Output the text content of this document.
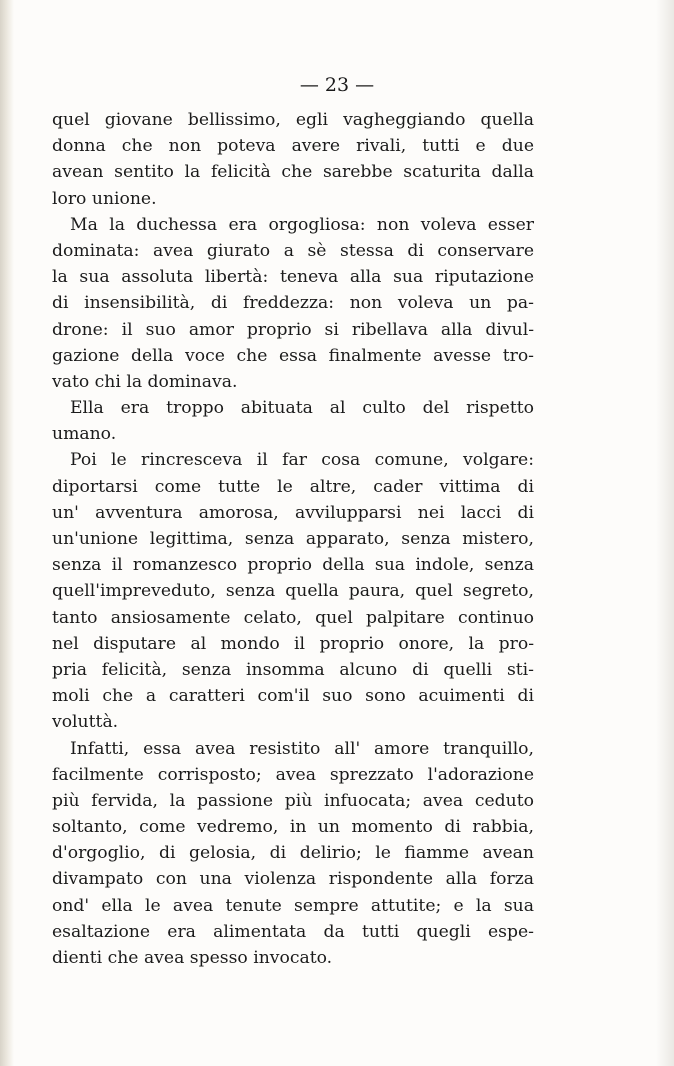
— 23 —

quel giovane bellissimo, egli vagheggiando quella
donna che non poteva avere rivali, tutti e due
avean sentito la felicità che sarebbe scaturita dalla
loro unione.

Ma la duchessa era orgogliosa: non voleva esser
dominata: avea giurato a sè stessa di conservare
la sua assoluta libertà: teneva alla sua riputazione
di insensibilità, di freddezza: non voleva un pa-
drone: il suo amor proprio si ribellava alla divul-
gazione della voce che essa finalmente avesse tro-
vato chi la dominava.

Ella era troppo abituata al culto del rispetto
umano.

Poi le rincresceva il far cosa comune, volgare:
diportarsi come tutte le altre, cader vittima di
un' avventura amorosa, avvilupparsi nei lacci di
un'unione legittima, senza apparato, senza mistero,
senza il romanzesco proprio della sua indole, senza
quell'impreveduto, senza quella paura, quel segreto,
tanto ansiosamente celato, quel palpitare continuo
nel disputare al mondo il proprio onore, la pro-
pria felicità, senza insomma alcuno di quelli sti-
moli che a caratteri com'il suo sono acuimenti di
voluttà.

Infatti, essa avea resistito all' amore tranquillo,
facilmente corrisposto; avea sprezzato l'adorazione
più fervida, la passione più infuocata; avea ceduto
soltanto, come vedremo, in un momento di rabbia,
d'orgoglio, di gelosia, di delirio; le fiamme avean
divampato con una violenza rispondente alla forza
ond' ella le avea tenute sempre attutite; e la sua
esaltazione era alimentata da tutti quegli espe-
dienti che avea spesso invocato.
